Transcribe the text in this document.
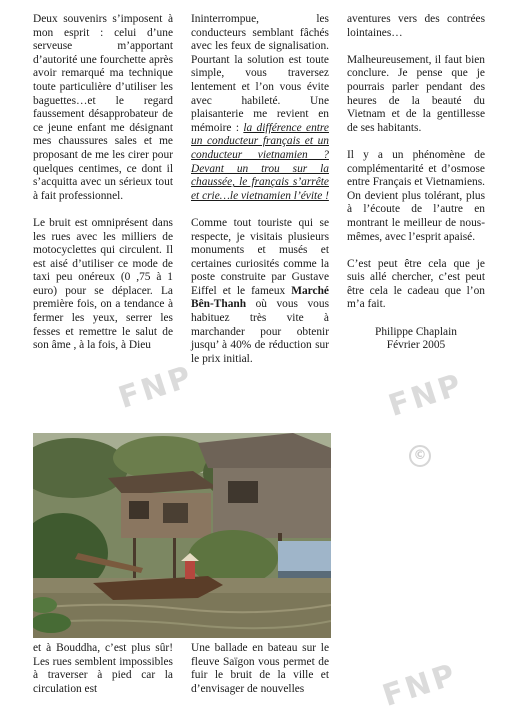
FNP	FNP
©
FNP

Deux souvenirs s’imposent à mon esprit : celui d’une serveuse m’apportant d’autorité une fourchette après avoir remarqué ma technique toute particulière d’utiliser les baguettes…et le regard faussement désapprobateur de ce jeune enfant me désignant mes chaussures sales et me proposant de me les cirer pour quelques centimes, ce dont il s’acquitta avec un sérieux tout à fait professionnel.

Le bruit est omniprésent dans les rues avec les milliers de motocyclettes qui circulent. Il est aisé d’utiliser ce mode de taxi peu onéreux (0 ,75 à 1 euro) pour se déplacer. La première fois, on a tendance à fermer les yeux, serrer les fesses et remettre le salut de son âme , à la fois, à Dieu

Ininterrompue, les conducteurs semblant fâchés avec les feux de signalisation. Pourtant la solution est toute simple, vous traversez lentement et l’on vous évite avec habileté. Une plaisanterie me revient en mémoire : la différence entre un conducteur français et un conducteur vietnamien ? Devant un trou sur la chaussée, le français s’arrête et crie…le vietnamien l’évite !

Comme tout touriste qui se respecte, je visitais plusieurs monuments et musés et certaines curiosités comme la poste construite par Gustave Eiffel et le fameux Marché Bên-Thanh où vous vous habituez très vite à marchander pour obtenir jusqu’ à 40% de réduction sur le prix initial.

aventures vers des contrées lointaines…

Malheureusement, il faut bien conclure. Je pense que je pourrais parler pendant des heures de la beauté du Vietnam et de la gentillesse de ses habitants.

Il y a un phénomène de complémentarité et d’osmose entre Français et Vietnamiens. On devient plus tolérant, plus à l’écoute de l’autre en montrant le meilleur de nous-mêmes, avec l’esprit apaisé.

C’est peut être cela que je suis allé chercher, c’est peut être cela le cadeau que l’on m’a fait.

Philippe Chaplain
Février 2005

et à Bouddha, c’est plus sûr! Les rues semblent impossibles à traverser à pied car la circulation est

Une ballade en bateau sur le fleuve Saïgon vous permet de fuir le bruit de la ville et d’envisager de nouvelles
